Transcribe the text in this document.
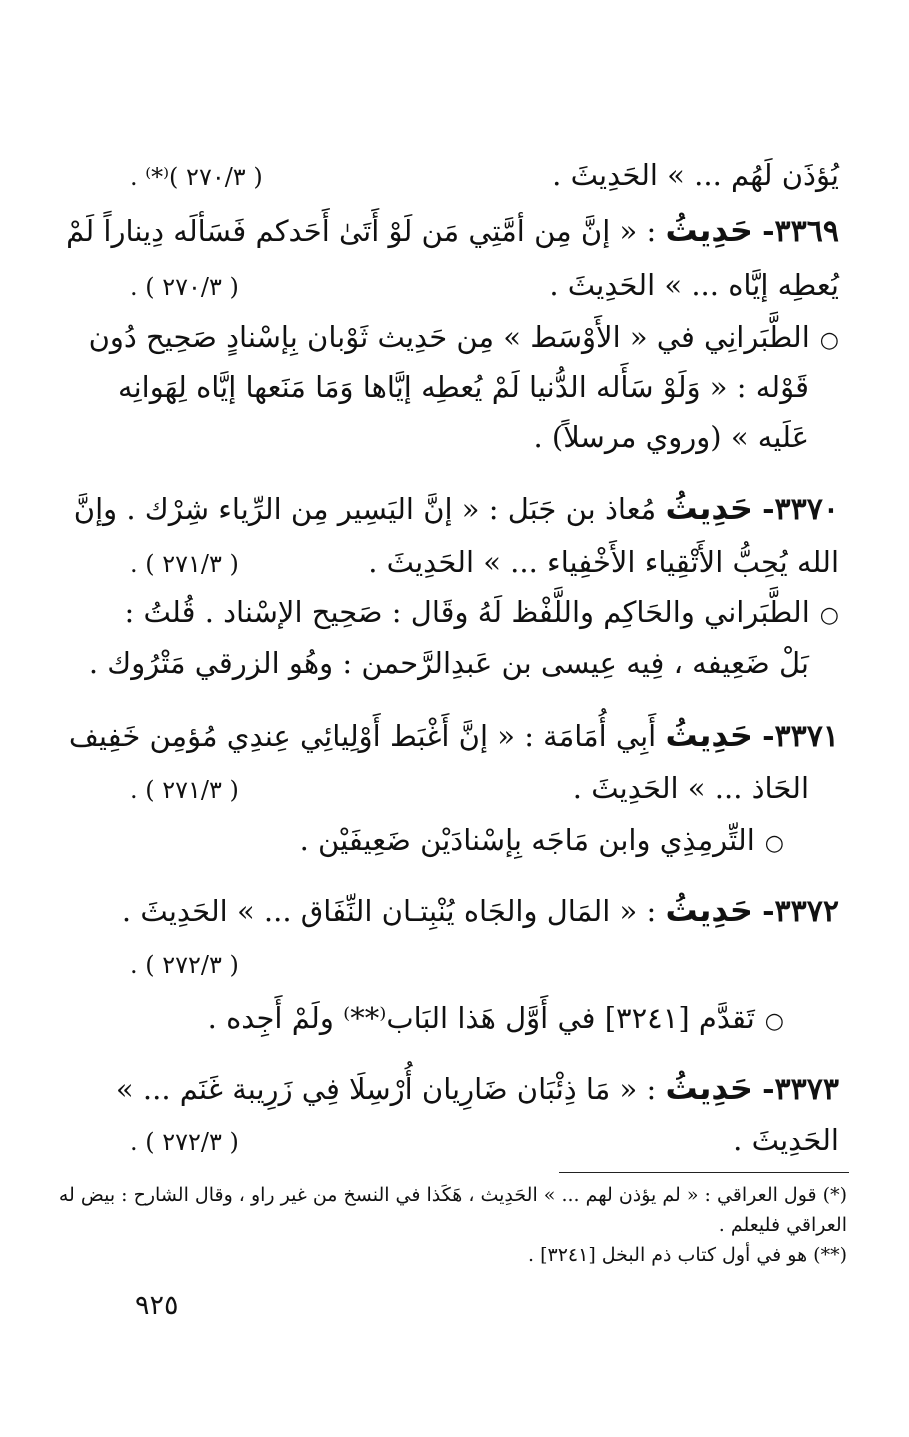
يُؤذَن لَهُم ... » الحَدِيثَ .
( ٢٧٠/٣ )⁽*⁾ .
٣٣٦٩-

حَدِيثُ

: « إنَّ مِن أمَّتِي مَن لَوْ أَتَىٰ أَحَدكم فَسَألَه دِيناراً لَمْ
يُعطِه إيَّاه ... » الحَدِيثَ .
( ٢٧٠/٣ ) .
○
الطَّبَرانِي في « الأَوْسَط » مِن حَدِيث ثَوْبان بِإسْنادٍ صَحِيح دُون
قَوْله : « وَلَوْ سَأَله الدُّنيا لَمْ يُعطِه إيَّاها وَمَا مَنَعها إيَّاه لِهَوانِه
عَلَيه » (وروي مرسلاً) .
٣٣٧٠-

حَدِيثُ

مُعاذ بن جَبَل : « إنَّ اليَسِير مِن الرِّياء شِرْك . وإنَّ
الله يُحِبُّ الأَتْقِياء الأَخْفِياء ... » الحَدِيثَ .
( ٢٧١/٣ ) .
○
الطَّبَراني والحَاكِم واللَّفْظ لَهُ وقَال : صَحِيح الإسْناد . قُلتُ :
بَلْ ضَعِيفه ، فِيه عِيسى بن عَبدِالرَّحمن : وهُو الزرقي مَتْرُوك .
٣٣٧١-

حَدِيثُ

أَبِي أُمَامَة : « إنَّ أَغْبَط أَوْلِيائِي عِندِي مُؤمِن خَفِيف
الحَاذ ... » الحَدِيثَ .
( ٢٧١/٣ ) .
○
التِّرمِذِي وابن مَاجَه بِإسْنادَيْن ضَعِيفَيْن .
٣٣٧٢-

حَدِيثُ

: « المَال والجَاه يُنْبِتـان النِّفَاق ... » الحَدِيثَ .
( ٢٧٢/٣ ) .
○
تَقدَّم [٣٢٤١] في أَوَّل هَذا البَاب⁽**⁾ ولَمْ أَجِده .
٣٣٧٣-

حَدِيثُ

: « مَا ذِئْبَان ضَارِيان أُرْسِلَا فِي زَرِيبة غَنَم ... »
الحَدِيثَ .
( ٢٧٢/٣ ) .
(*) قول العراقي : « لم يؤذن لهم ... » الحَدِيث ، هَكَذا في النسخ من غير راو ، وقال الشارح : بيض له
العراقي فليعلم .
(**) هو في أول كتاب ذم البخل [٣٢٤١] .
٩٢٥
